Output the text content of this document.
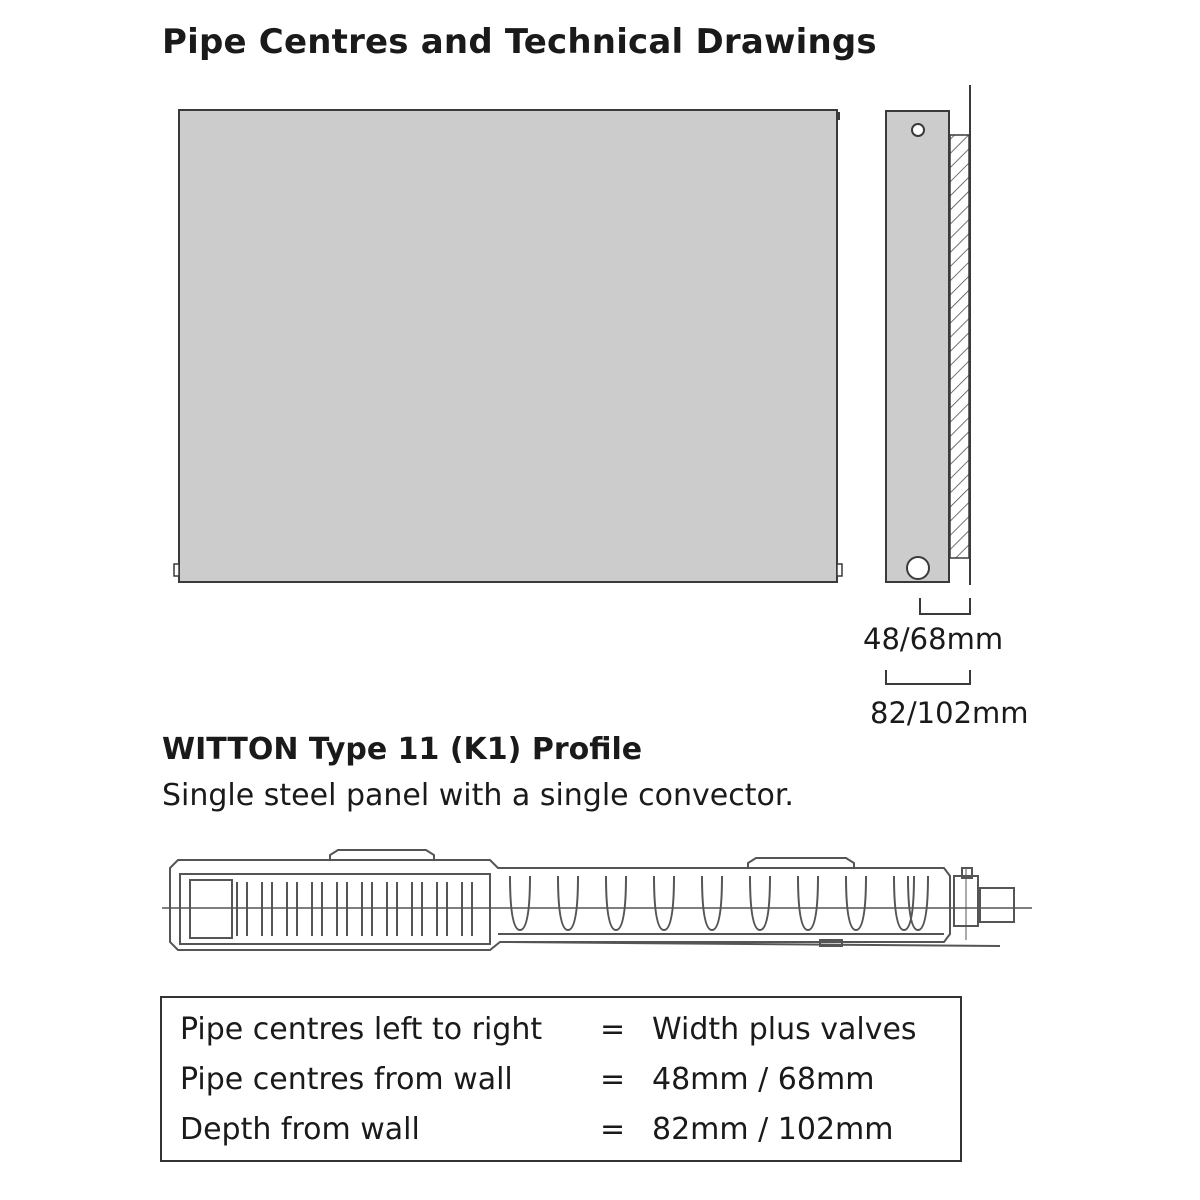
Pipe Centres and Technical Drawings
48/68mm
82/102mm
WITTON Type 11 (K1) Profile
Single steel panel with a single convector.
Pipe centres left to right = Width plus valves
Pipe centres from wall	= 48mm / 68mm
Depth from wall	= 82mm / 102mm
